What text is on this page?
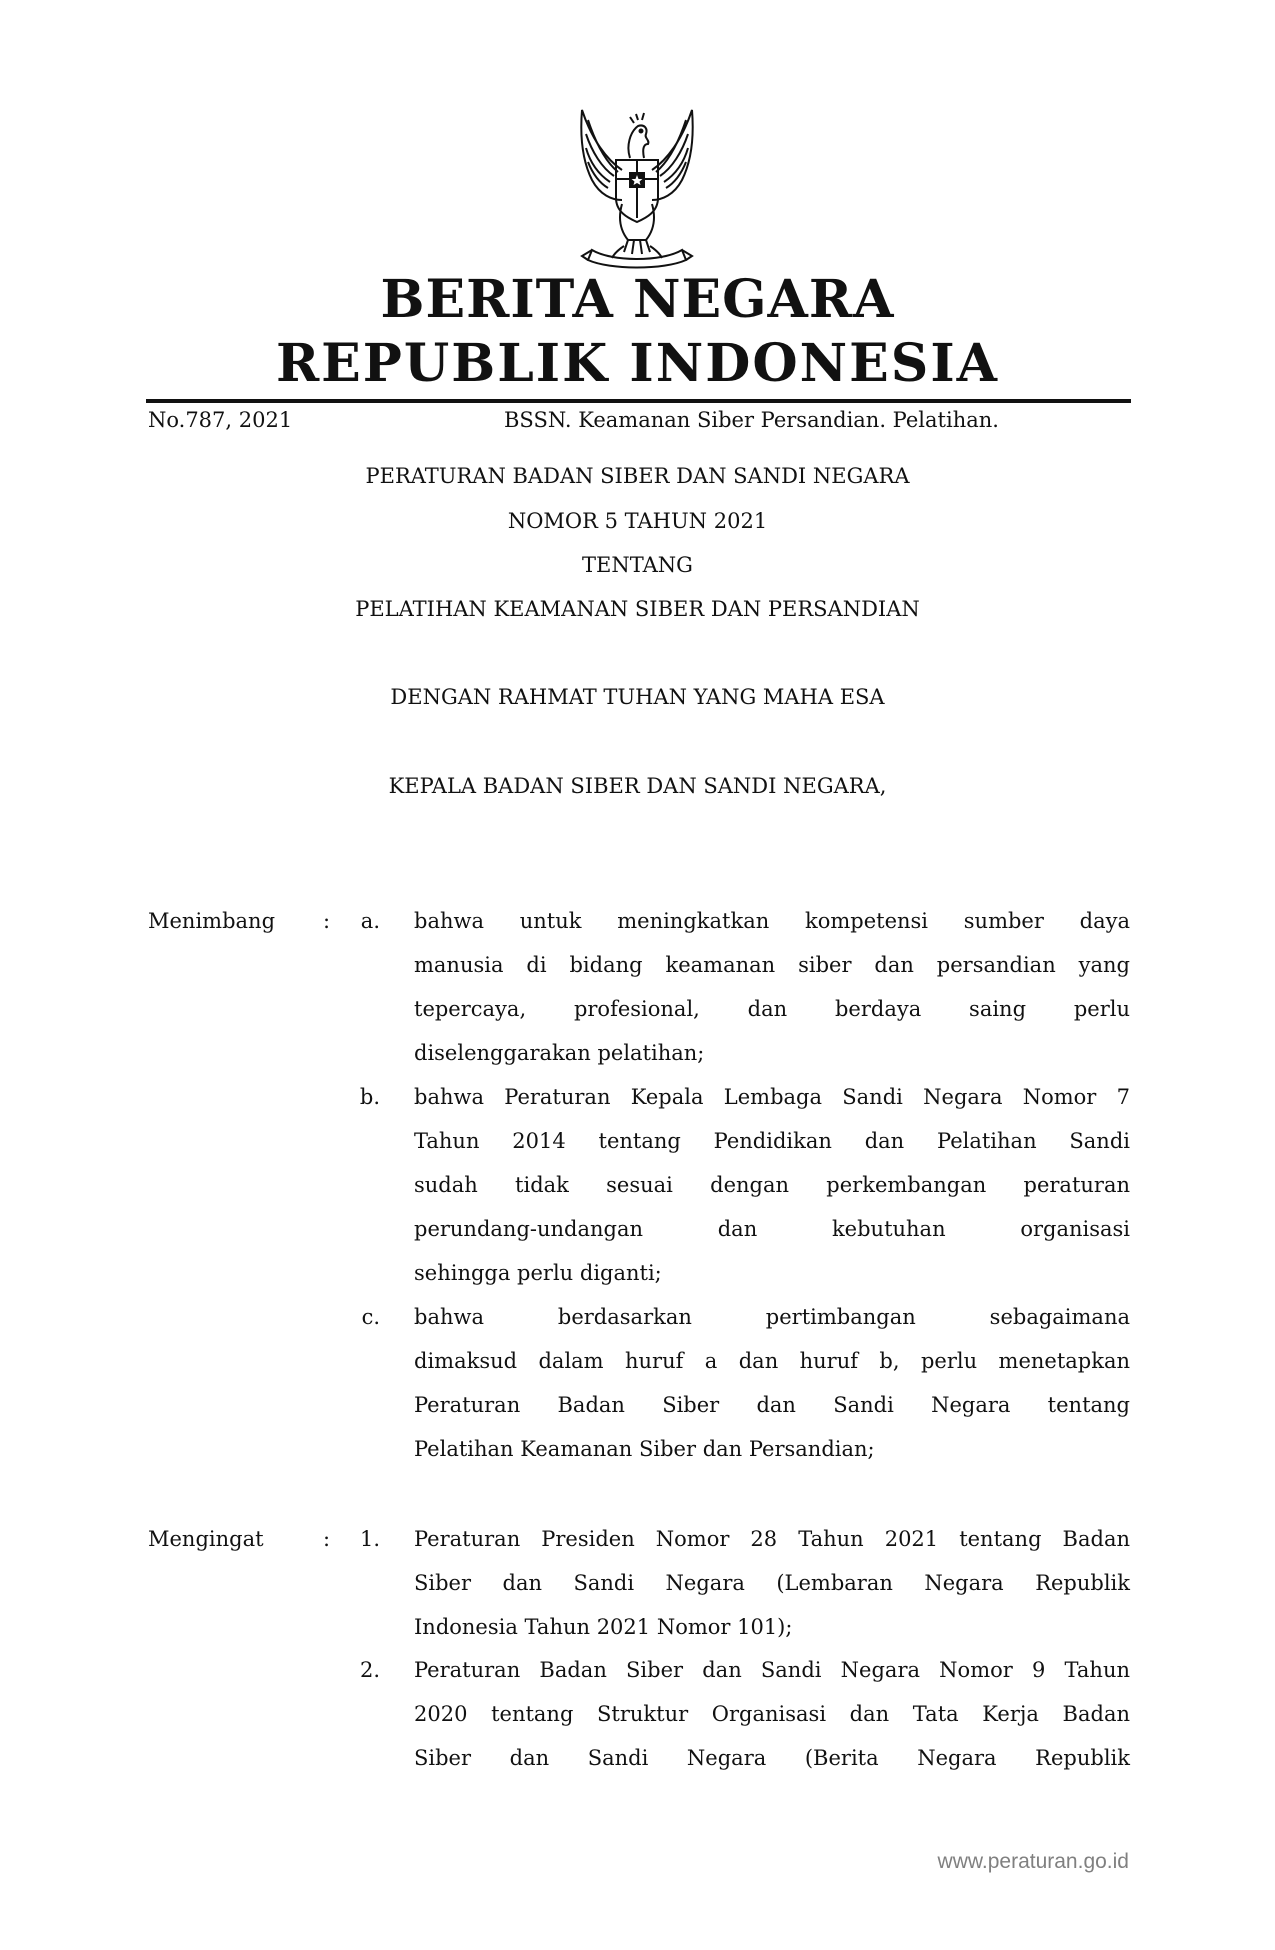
BERITA NEGARA
REPUBLIK INDONESIA
No.787, 2021	BSSN. Keamanan Siber Persandian. Pelatihan.
PERATURAN BADAN SIBER DAN SANDI NEGARA
NOMOR 5 TAHUN 2021
TENTANG
PELATIHAN KEAMANAN SIBER DAN PERSANDIAN
DENGAN RAHMAT TUHAN YANG MAHA ESA
KEPALA BADAN SIBER DAN SANDI NEGARA,
Menimbang :	a. bahwa untuk meningkatkan kompetensi sumber daya
manusia di bidang keamanan siber dan persandian yang
tepercaya, profesional, dan berdaya saing perlu
diselenggarakan pelatihan;
b. bahwa Peraturan Kepala Lembaga Sandi Negara Nomor 7
Tahun 2014 tentang Pendidikan dan Pelatihan Sandi
sudah tidak sesuai dengan perkembangan peraturan
perundang-undangan dan kebutuhan organisasi
sehingga perlu diganti;
c. bahwa berdasarkan pertimbangan sebagaimana
dimaksud dalam huruf a dan huruf b, perlu menetapkan
Peraturan Badan Siber dan Sandi Negara tentang
Pelatihan Keamanan Siber dan Persandian;
Mengingat	:	1. Peraturan Presiden Nomor 28 Tahun 2021 tentang Badan
Siber dan Sandi Negara (Lembaran Negara Republik
Indonesia Tahun 2021 Nomor 101);
2. Peraturan Badan Siber dan Sandi Negara Nomor 9 Tahun
2020 tentang Struktur Organisasi dan Tata Kerja Badan
Siber dan Sandi Negara (Berita Negara Republik
www.peraturan.go.id
